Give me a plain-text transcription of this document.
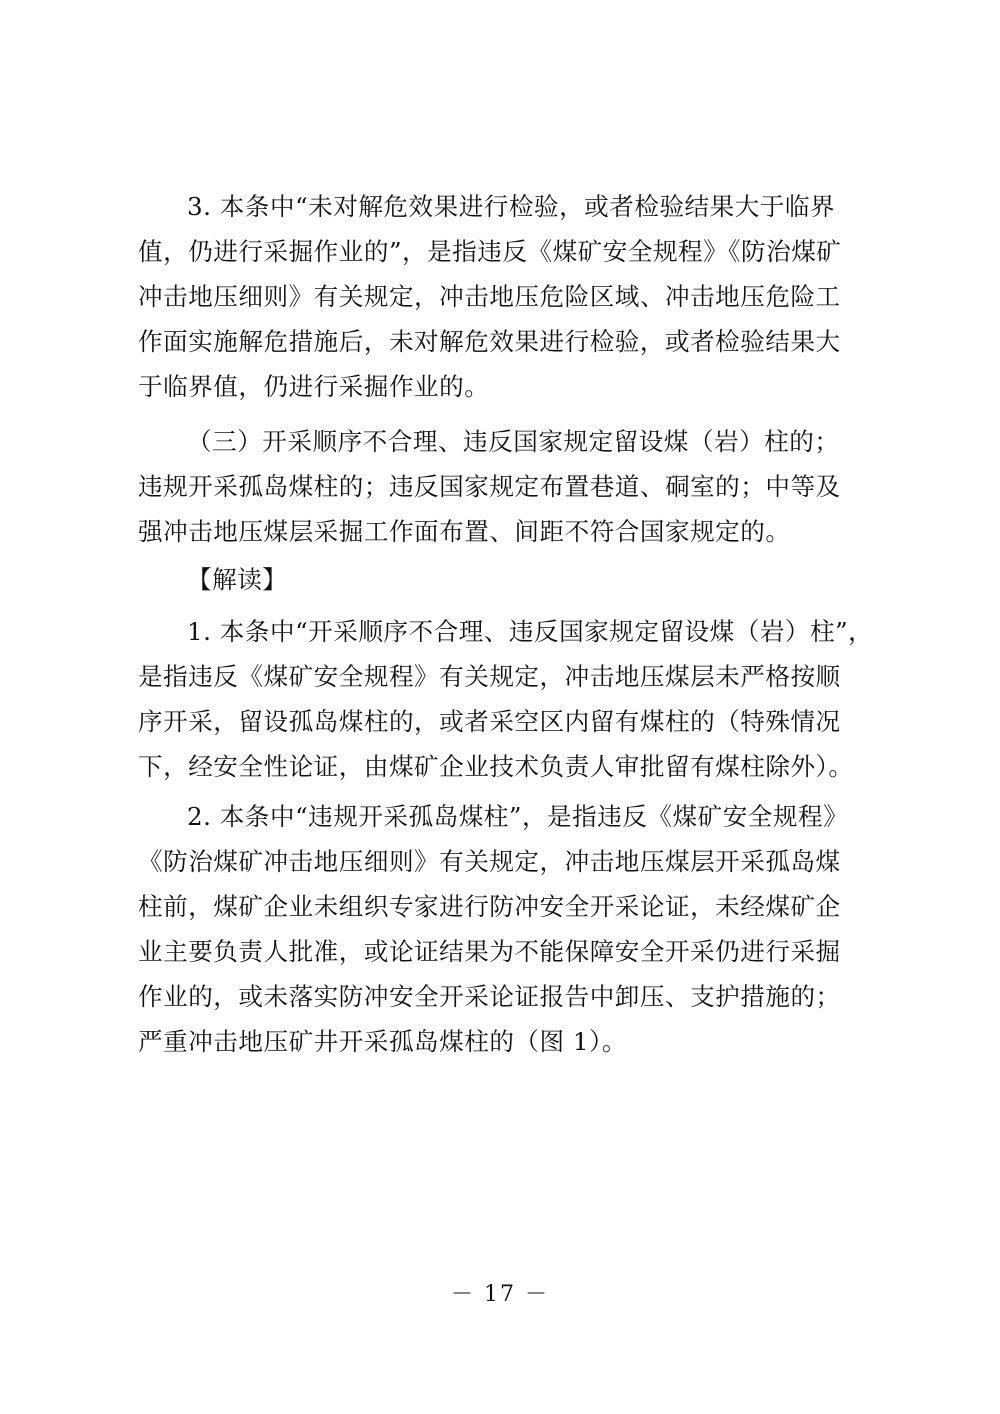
3. 本条中“未对解危效果进行检验，或者检验结果大于临界
值，仍进行采掘作业的”，是指违反《煤矿安全规程》《防治煤矿
冲击地压细则》有关规定，冲击地压危险区域、冲击地压危险工
作面实施解危措施后，未对解危效果进行检验，或者检验结果大
于临界值，仍进行采掘作业的。
（三）开采顺序不合理、违反国家规定留设煤（岩）柱的；
违规开采孤岛煤柱的；违反国家规定布置巷道、硐室的；中等及
强冲击地压煤层采掘工作面布置、间距不符合国家规定的。
【解读】
1. 本条中“开采顺序不合理、违反国家规定留设煤（岩）柱”，
是指违反《煤矿安全规程》有关规定，冲击地压煤层未严格按顺
序开采，留设孤岛煤柱的，或者采空区内留有煤柱的（特殊情况
下，经安全性论证，由煤矿企业技术负责人审批留有煤柱除外）。
2. 本条中“违规开采孤岛煤柱”，是指违反《煤矿安全规程》
《防治煤矿冲击地压细则》有关规定，冲击地压煤层开采孤岛煤
柱前，煤矿企业未组织专家进行防冲安全开采论证，未经煤矿企
业主要负责人批准，或论证结果为不能保障安全开采仍进行采掘
作业的，或未落实防冲安全开采论证报告中卸压、支护措施的；
严重冲击地压矿井开采孤岛煤柱的（图 1）。
－ 17 －
